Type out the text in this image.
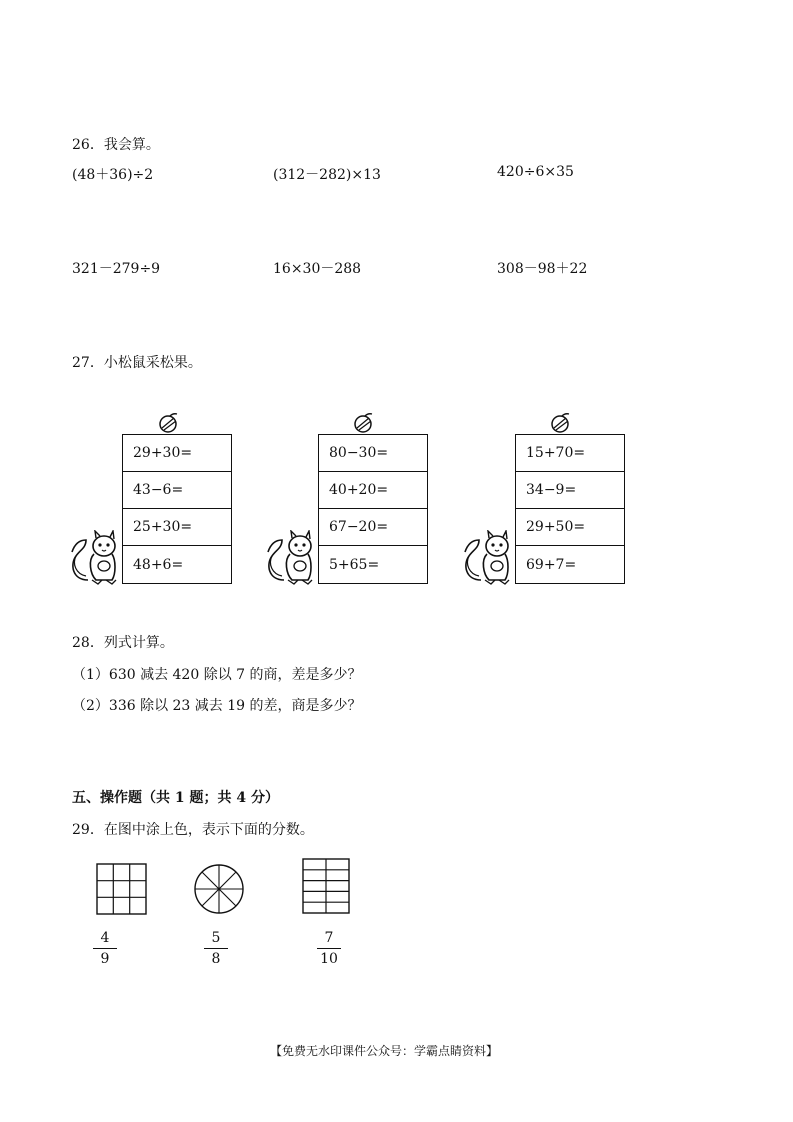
26．我会算。
(48＋36)÷2	(312－282)×13	420÷6×35
321－279÷9	16×30－288	308－98＋22
27．小松鼠采松果。
29+30=
43−6=
25+30=
48+6=
80−30=
40+20=
67−20=
5+65=
15+70=
34−9=
29+50=
69+7=
28．列式计算。
（1）630 减去 420 除以 7 的商，差是多少？
（2）336 除以 23 减去 19 的差，商是多少？
五、操作题（共 1 题；共 4 分）
29．在图中涂上色，表示下面的分数。
4
9
5
8
7
10
【免费无水印课件公众号：学霸点睛资料】
